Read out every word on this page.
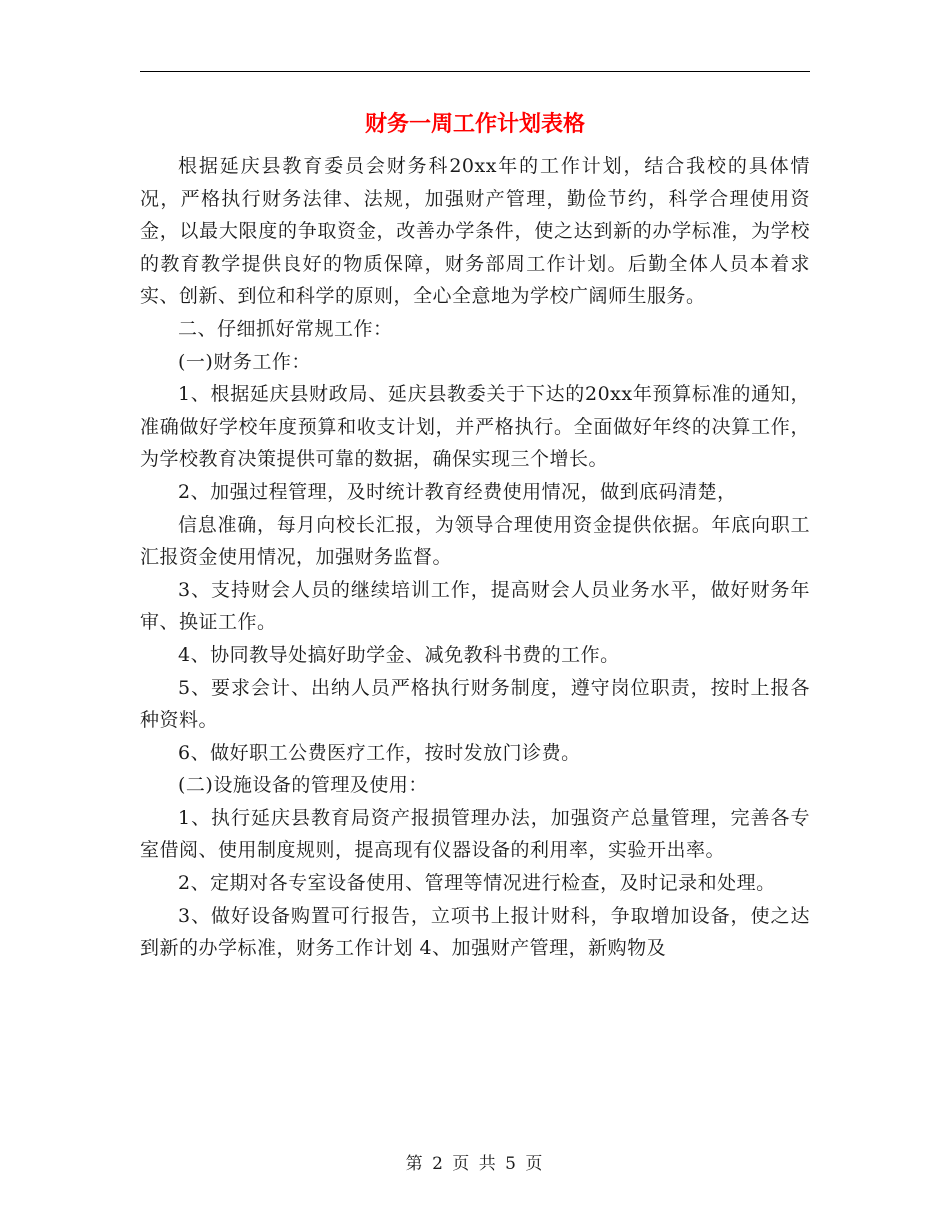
财务一周工作计划表格

根据延庆县教育委员会财务科20xx年的工作计划，结合我校的具体情况，严格执行财务法律、法规，加强财产管理，勤俭节约，科学合理使用资金，以最大限度的争取资金，改善办学条件，使之达到新的办学标准，为学校的教育教学提供良好的物质保障，财务部周工作计划。后勤全体人员本着求实、创新、到位和科学的原则，全心全意地为学校广阔师生服务。

二、仔细抓好常规工作：

(一)财务工作：

1、根据延庆县财政局、延庆县教委关于下达的20xx年预算标准的通知，准确做好学校年度预算和收支计划，并严格执行。全面做好年终的决算工作，为学校教育决策提供可靠的数据，确保实现三个增长。

2、加强过程管理，及时统计教育经费使用情况，做到底码清楚，

信息准确，每月向校长汇报，为领导合理使用资金提供依据。年底向职工汇报资金使用情况，加强财务监督。

3、支持财会人员的继续培训工作，提高财会人员业务水平，做好财务年审、换证工作。

4、协同教导处搞好助学金、减免教科书费的工作。

5、要求会计、出纳人员严格执行财务制度，遵守岗位职责，按时上报各种资料。

6、做好职工公费医疗工作，按时发放门诊费。

(二)设施设备的管理及使用：

1、执行延庆县教育局资产报损管理办法，加强资产总量管理，完善各专室借阅、使用制度规则，提高现有仪器设备的利用率，实验开出率。

2、定期对各专室设备使用、管理等情况进行检查，及时记录和处理。

3、做好设备购置可行报告，立项书上报计财科，争取增加设备，使之达到新的办学标准，财务工作计划 4、加强财产管理，新购物及

第 2 页 共 5 页
